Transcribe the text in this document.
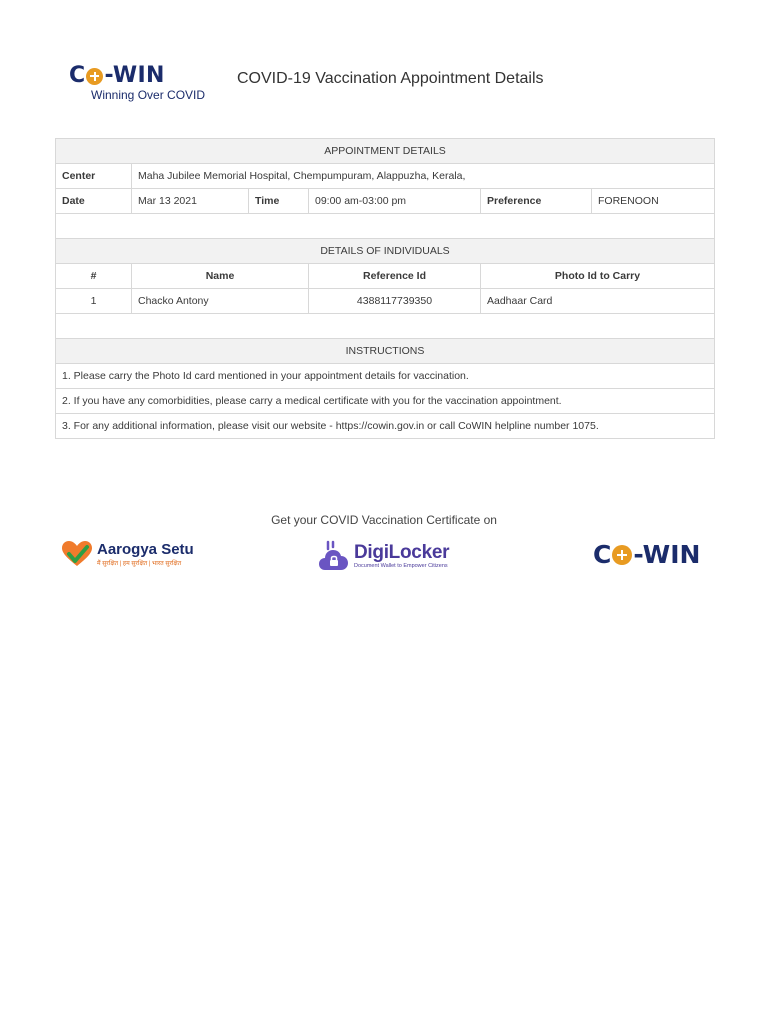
C -WIN
Winning Over COVID
COVID-19 Vaccination Appointment Details
APPOINTMENT DETAILS					
Center	Maha Jubilee Memorial Hospital, Chempumpuram, Alappuzha, Kerala,				
Date	Mar 13 2021	Time	09:00 am-03:00 pm	Preference	FORENOON

DETAILS OF INDIVIDUALS					
#	Name		Reference Id	Photo Id to Carry	
1	Chacko Antony		4388117739350	Aadhaar Card	

INSTRUCTIONS					
1. Please carry the Photo Id card mentioned in your appointment details for vaccination.					
2. If you have any comorbidities, please carry a medical certificate with you for the vaccination appointment.					
3. For any additional information, please visit our website - https://cowin.gov.in or call CoWIN helpline number 1075.					
Get your COVID Vaccination Certificate on
Aarogya Setu
मैं सुरक्षित | हम सुरक्षित | भारत सुरक्षित
DigiLocker
Document Wallet to Empower Citizens	C -WIN
